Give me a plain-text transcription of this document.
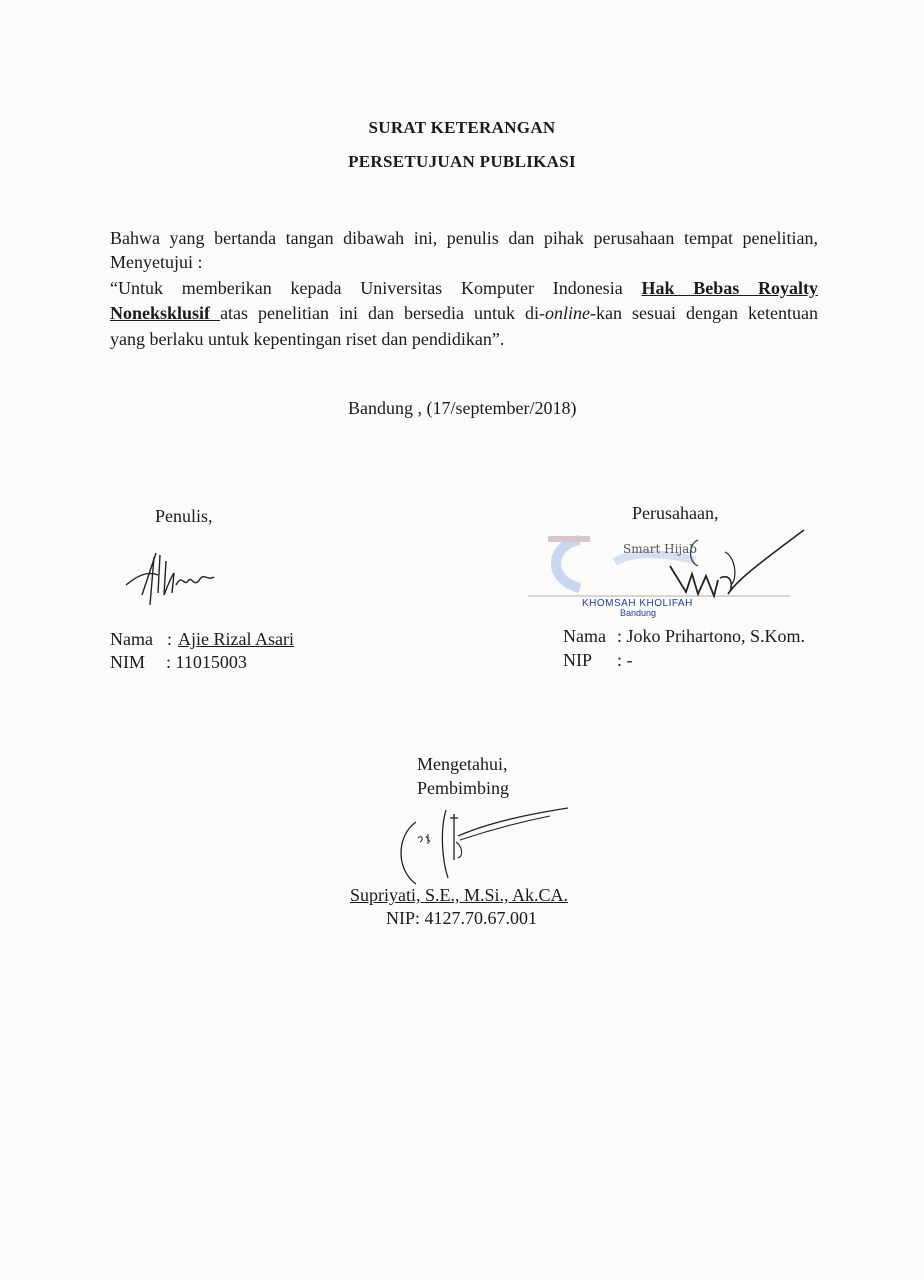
SURAT KETERANGAN
PERSETUJUAN PUBLIKASI
Bahwa yang bertanda tangan dibawah ini, penulis dan pihak perusahaan tempat penelitian,
Menyetujui :
“Untuk memberikan kepada Universitas Komputer Indonesia Hak Bebas Royalty
Noneksklusif atas penelitian ini dan bersedia untuk di-online-kan sesuai dengan ketentuan
yang berlaku untuk kepentingan riset dan pendidikan”.
Bandung , (17/september/2018)
Penulis,
Nama : Ajie Rizal Asari
NIM : 11015003
Perusahaan,
Smart Hijab
KHOMSAH KHOLIFAH
Bandung
Nama : Joko Prihartono, S.Kom.
NIP : -
Mengetahui,
Pembimbing
Supriyati, S.E., M.Si., Ak.CA.
NIP: 4127.70.67.001
